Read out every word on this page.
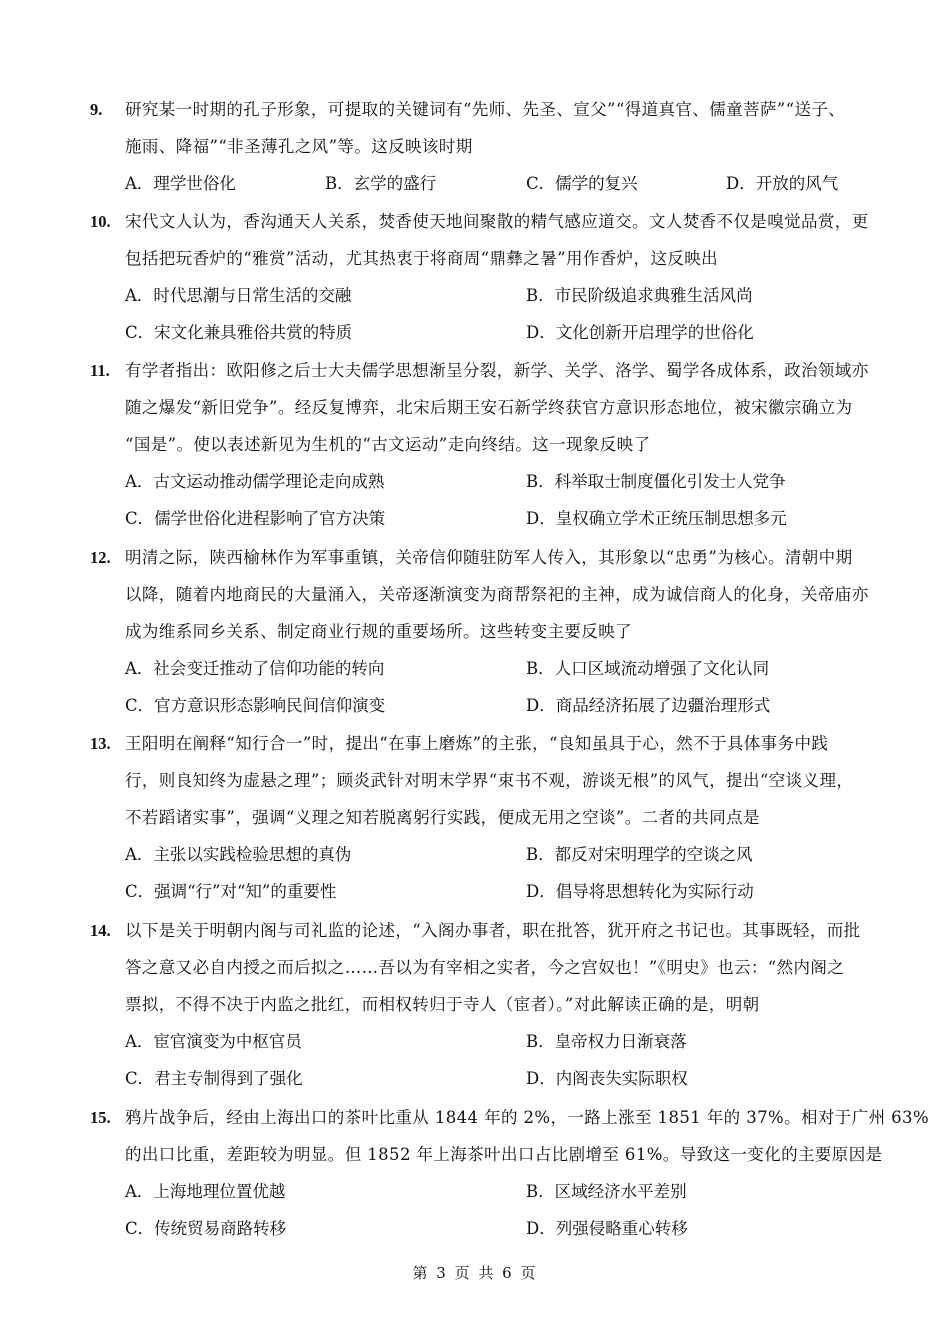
9. 研究某一时期的孔子形象，可提取的关键词有“先师、先圣、宣父”“得道真官、儒童菩萨”“送子、
施雨、降福”“非圣薄孔之风”等。这反映该时期
A．理学世俗化	B．玄学的盛行	C．儒学的复兴	D．开放的风气
10. 宋代文人认为，香沟通天人关系，焚香使天地间聚散的精气感应道交。文人焚香不仅是嗅觉品赏，更
包括把玩香炉的“雅赏”活动，尤其热衷于将商周“鼎彝之暑”用作香炉，这反映出
A．时代思潮与日常生活的交融	B．市民阶级追求典雅生活风尚
C．宋文化兼具雅俗共赏的特质	D．文化创新开启理学的世俗化
11. 有学者指出：欧阳修之后士大夫儒学思想渐呈分裂，新学、关学、洛学、蜀学各成体系，政治领域亦
随之爆发“新旧党争”。经反复博弈，北宋后期王安石新学终获官方意识形态地位，被宋徽宗确立为
“国是”。使以表述新见为生机的“古文运动”走向终结。这一现象反映了
A．古文运动推动儒学理论走向成熟	B．科举取士制度僵化引发士人党争
C．儒学世俗化进程影响了官方决策	D．皇权确立学术正统压制思想多元
12. 明清之际，陕西榆林作为军事重镇，关帝信仰随驻防军人传入，其形象以“忠勇”为核心。清朝中期
以降，随着内地商民的大量涌入，关帝逐渐演变为商帮祭祀的主神，成为诚信商人的化身，关帝庙亦
成为维系同乡关系、制定商业行规的重要场所。这些转变主要反映了
A．社会变迁推动了信仰功能的转向	B．人口区域流动增强了文化认同
C．官方意识形态影响民间信仰演变	D．商品经济拓展了边疆治理形式
13. 王阳明在阐释“知行合一”时，提出“在事上磨炼”的主张，“良知虽具于心，然不于具体事务中践
行，则良知终为虚悬之理”；顾炎武针对明末学界“束书不观，游谈无根”的风气，提出“空谈义理，
不若蹈诸实事”，强调“义理之知若脱离躬行实践，便成无用之空谈”。二者的共同点是
A．主张以实践检验思想的真伪	B．都反对宋明理学的空谈之风
C．强调“行”对“知”的重要性	D．倡导将思想转化为实际行动
14. 以下是关于明朝内阁与司礼监的论述，“入阁办事者，职在批答，犹开府之书记也。其事既轻，而批
答之意又必自内授之而后拟之……吾以为有宰相之实者，今之宫奴也！”《明史》也云：“然内阁之
票拟，不得不决于内监之批红，而相权转归于寺人（宦者）。”对此解读正确的是，明朝
A．宦官演变为中枢官员	B．皇帝权力日渐衰落
C．君主专制得到了强化	D．内阁丧失实际职权
15. 鸦片战争后，经由上海出口的茶叶比重从 1844 年的 2%，一路上涨至 1851 年的 37%。相对于广州 63%
的出口比重，差距较为明显。但 1852 年上海茶叶出口占比剧增至 61%。导致这一变化的主要原因是
A．上海地理位置优越	B．区域经济水平差别
C．传统贸易商路转移	D．列强侵略重心转移
第 3 页 共 6 页
